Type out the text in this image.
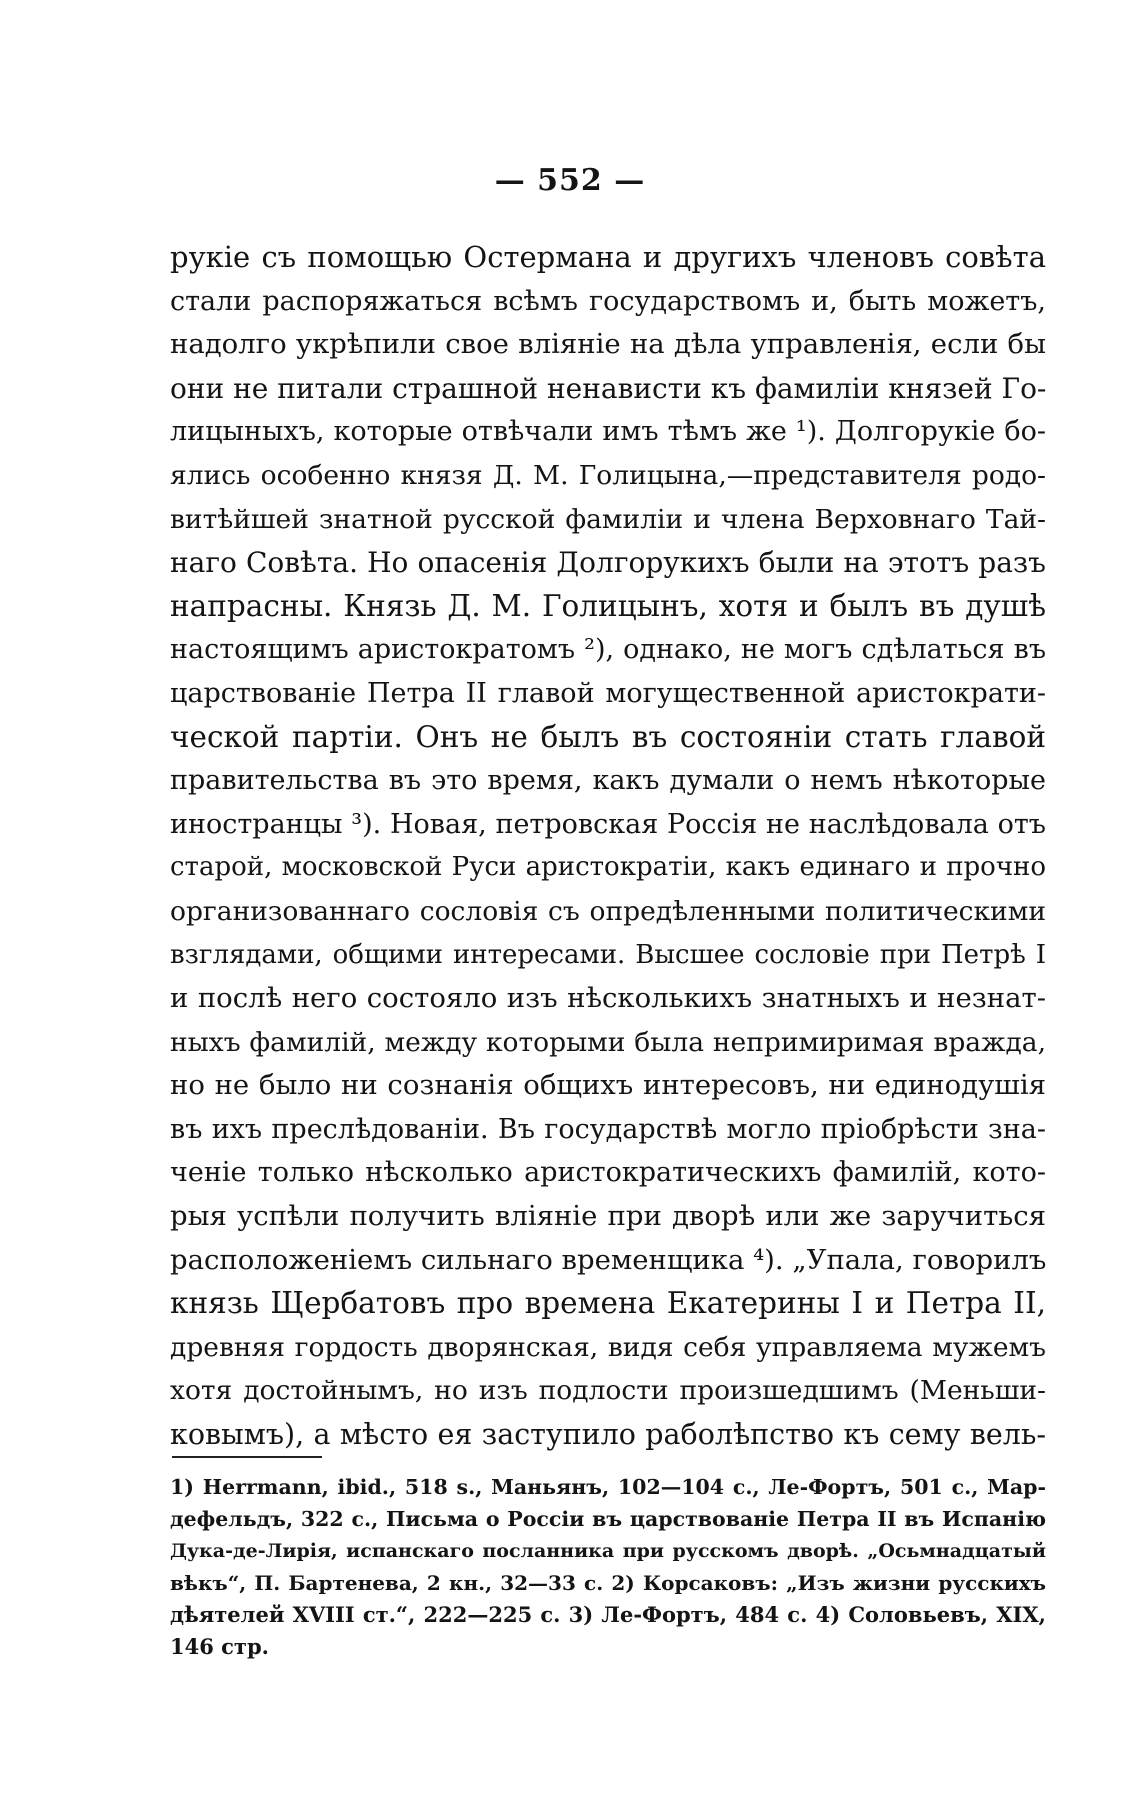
— 552 —
рукіе съ помощью Остермана и другихъ членовъ совѣта
стали распоряжаться всѣмъ государствомъ и, быть можетъ,
надолго укрѣпили свое вліяніе на дѣла управленія, если бы
они не питали страшной ненависти къ фамиліи князей Го-
лицыныхъ, которые отвѣчали имъ тѣмъ же ¹). Долгорукіе бо-
ялись особенно князя Д. М. Голицына,—представителя родо-
витѣйшей знатной русской фамиліи и члена Верховнаго Тай-
наго Совѣта. Но опасенія Долгорукихъ были на этотъ разъ
напрасны. Князь Д. М. Голицынъ, хотя и былъ въ душѣ
настоящимъ аристократомъ ²), однако, не могъ сдѣлаться въ
царствованіе Петра II главой могущественной аристократи-
ческой партіи. Онъ не былъ въ состояніи стать главой
правительства въ это время, какъ думали о немъ нѣкоторые
иностранцы ³). Новая, петровская Россія не наслѣдовала отъ
старой, московской Руси аристократіи, какъ единаго и прочно
организованнаго сословія съ опредѣленными политическими
взглядами, общими интересами. Высшее сословіе при Петрѣ I
и послѣ него состояло изъ нѣсколькихъ знатныхъ и незнат-
ныхъ фамилій, между которыми была непримиримая вражда,
но не было ни сознанія общихъ интересовъ, ни единодушія
въ ихъ преслѣдованіи. Въ государствѣ могло пріобрѣсти зна-
ченіе только нѣсколько аристократическихъ фамилій, кото-
рыя успѣли получить вліяніе при дворѣ или же заручиться
расположеніемъ сильнаго временщика ⁴). „Упала, говорилъ
князь Щербатовъ про времена Екатерины I и Петра II,
древняя гордость дворянская, видя себя управляема мужемъ
хотя достойнымъ, но изъ подлости произшедшимъ (Меньши-
ковымъ), а мѣсто ея заступило раболѣпство къ сему вель-
1) Herrmann, ibid., 518 s., Маньянъ, 102—104 с., Ле-Фортъ, 501 с., Мар-
дефельдъ, 322 с., Письма о Россіи въ царствованіе Петра II въ Испанію
Дука-де-Лирія, испанскаго посланника при русскомъ дворѣ. „Осьмнадцатый
вѣкъ“, П. Бартенева, 2 кн., 32—33 с. 2) Корсаковъ: „Изъ жизни русскихъ
дѣятелей XVIII ст.“, 222—225 с. 3) Ле-Фортъ, 484 с. 4) Соловьевъ, XIX,
146 стр.
